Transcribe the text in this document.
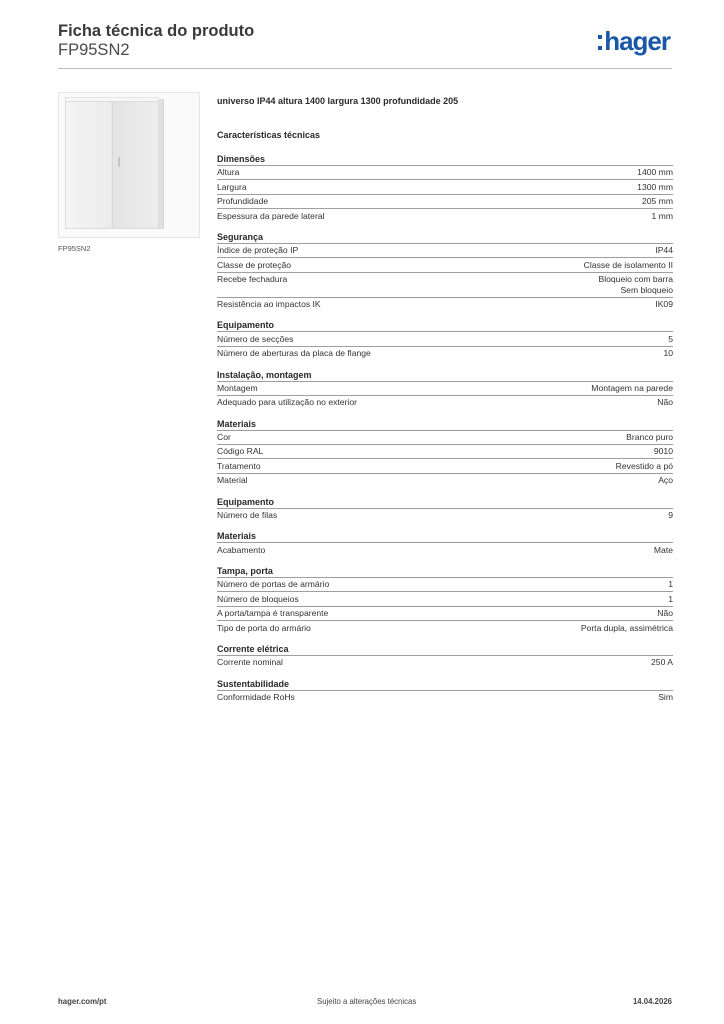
Ficha técnica do produto
FP95SN2	hager
FP95SN2
universo IP44 altura 1400 largura 1300 profundidade 205
Características técnicas
Dimensões
Altura	1400 mm
Largura	1300 mm
Profundidade	205 mm
Espessura da parede lateral	1 mm
Segurança
Índice de proteção IP	IP44
Classe de proteção	Classe de isolamento II
Recebe fechadura	Bloqueio com barra
Sem bloqueio
Resistência ao impactos IK	IK09
Equipamento
Número de secções	5
Número de aberturas da placa de flange	10
Instalação, montagem
Montagem	Montagem na parede
Adequado para utilização no exterior	Não
Materiais
Cor	Branco puro
Código RAL	9010
Tratamento	Revestido a pó
Material	Aço
Equipamento
Número de filas	9
Materiais
Acabamento	Mate
Tampa, porta
Número de portas de armário	1
Número de bloqueios	1
A porta/tampa é transparente	Não
Tipo de porta do armário	Porta dupla, assimétrica
Corrente elétrica
Corrente nominal	250 A
Sustentabilidade
Conformidade RoHs	Sim
hager.com/pt	Sujeito a alterações técnicas	14.04.2026
